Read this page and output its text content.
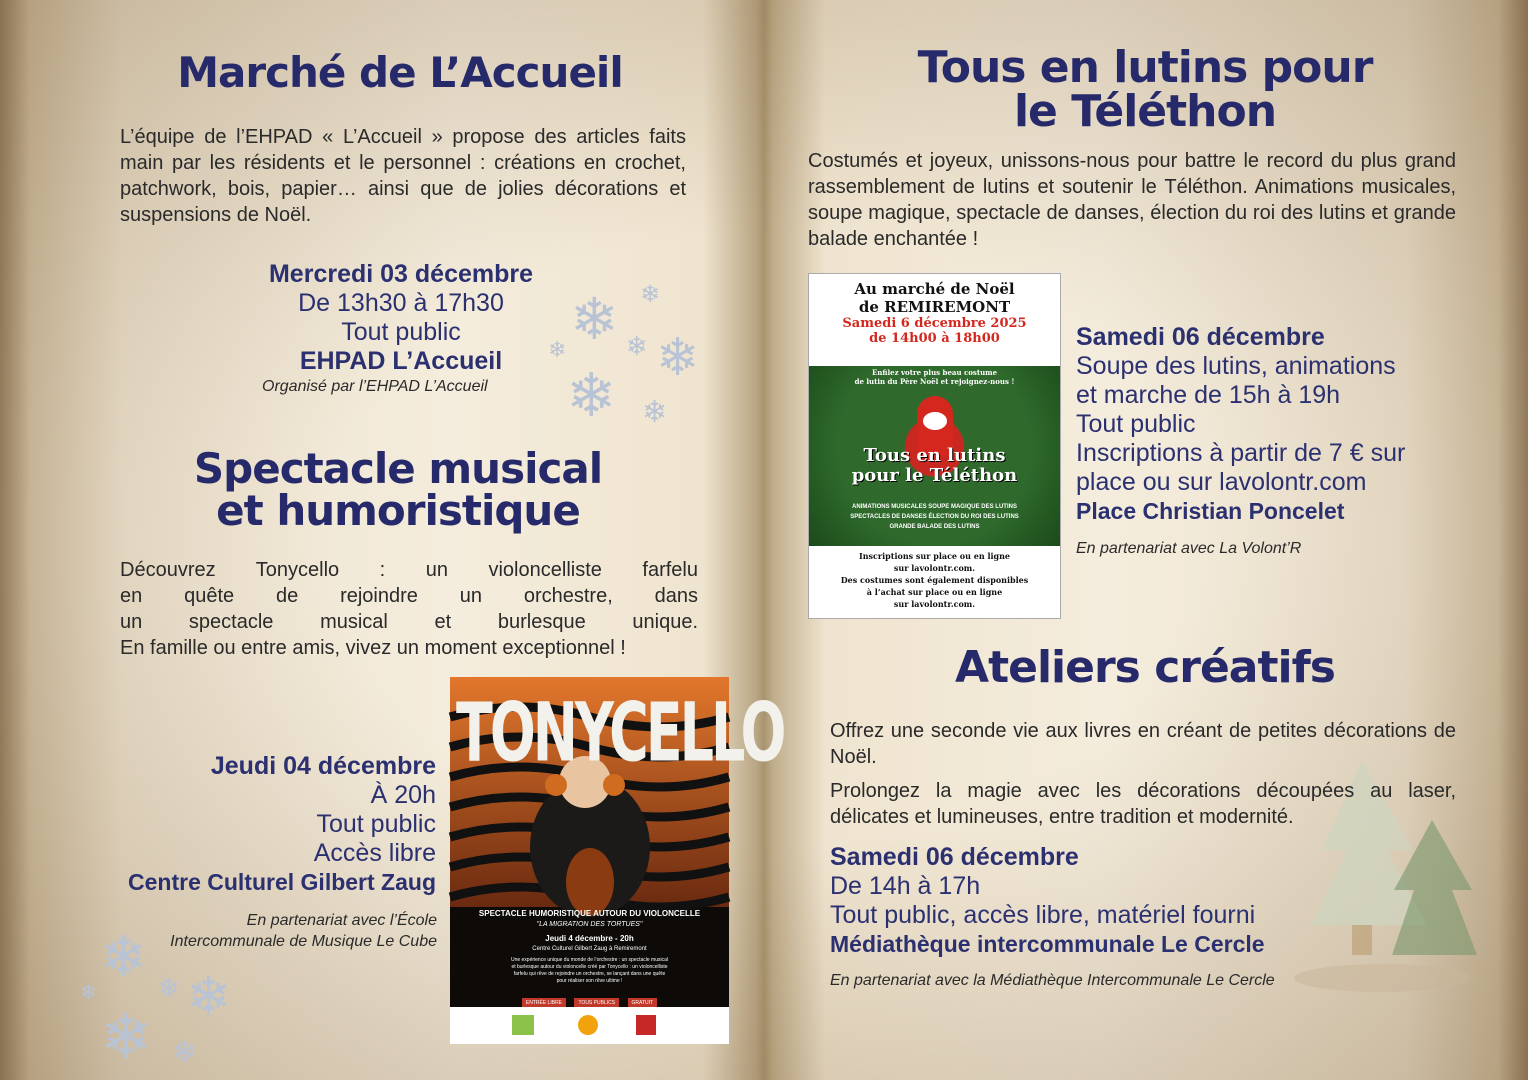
❄ ❄
❄ ❄ ❄
❄ ❄
❄
❄ ❄ ❄
❄ ❄
Marché de L’Accueil

L’équipe de l’EHPAD « L’Accueil » propose des articles faits main par les résidents et le personnel : créations en crochet, patchwork, bois, papier… ainsi que de jolies décorations et suspensions de Noël.

Mercredi 03 décembre
De 13h30 à 17h30
Tout public
EHPAD L’Accueil
Organisé par l’EHPAD L’Accueil
Spectacle musical
et humoristique
Découvrez Tonycello : un violoncelliste farfelu
en quête de rejoindre un orchestre, dans
un spectacle musical et burlesque unique.
En famille ou entre amis, vivez un moment exceptionnel !
Jeudi 04 décembre
À 20h
Tout public
Accès libre
Centre Culturel Gilbert Zaug
En partenariat avec l’École
Intercommunale de Musique Le Cube
TONYCELLO
SPECTACLE HUMORISTIQUE AUTOUR DU VIOLONCELLE
"LA MIGRATION DES TORTUES"
Jeudi 4 décembre - 20h
Centre Culturel Gilbert Zaug à Remiremont
Une expérience unique du monde de l’orchestre : un spectacle musical et burlesque autour du violoncelle créé par Tonycello : un violoncelliste farfelu qui rêve de rejoindre un orchestre, se lançant dans une quête pour réaliser son rêve ultime !
ENTRÉE LIBRE	TOUS PUBLICS	GRATUIT
Tous en lutins pour
le Téléthon

Costumés et joyeux, unissons-nous pour battre le record du plus grand rassemblement de lutins et soutenir le Téléthon. Animations musicales, soupe magique, spectacle de danses, élection du roi des lutins et grande balade enchantée !

Au marché de Noël
de REMIREMONT
Samedi 6 décembre 2025
de 14h00 à 18h00
Enfilez votre plus beau costume
de lutin du Père Noël et rejoignez-nous !
Tous en lutins
pour le Téléthon
ANIMATIONS MUSICALES SOUPE MAGIQUE DES LUTINS
SPECTACLES DE DANSES ÉLECTION DU ROI DES LUTINS
GRANDE BALADE DES LUTINS
Inscriptions sur place ou en ligne
sur lavolontr.com.
Des costumes sont également disponibles
à l’achat sur place ou en ligne
sur lavolontr.com.
Samedi 06 décembre
Soupe des lutins, animations
et marche de 15h à 19h
Tout public
Inscriptions à partir de 7 € sur
place ou sur lavolontr.com
Place Christian Poncelet
En partenariat avec La Volont’R
Ateliers créatifs

Offrez une seconde vie aux livres en créant de petites décorations de Noël.

Prolongez la magie avec les décorations découpées au laser, délicates et lumineuses, entre tradition et modernité.

Samedi 06 décembre
De 14h à 17h
Tout public, accès libre, matériel fourni
Médiathèque intercommunale Le Cercle
En partenariat avec la Médiathèque Intercommunale Le Cercle
